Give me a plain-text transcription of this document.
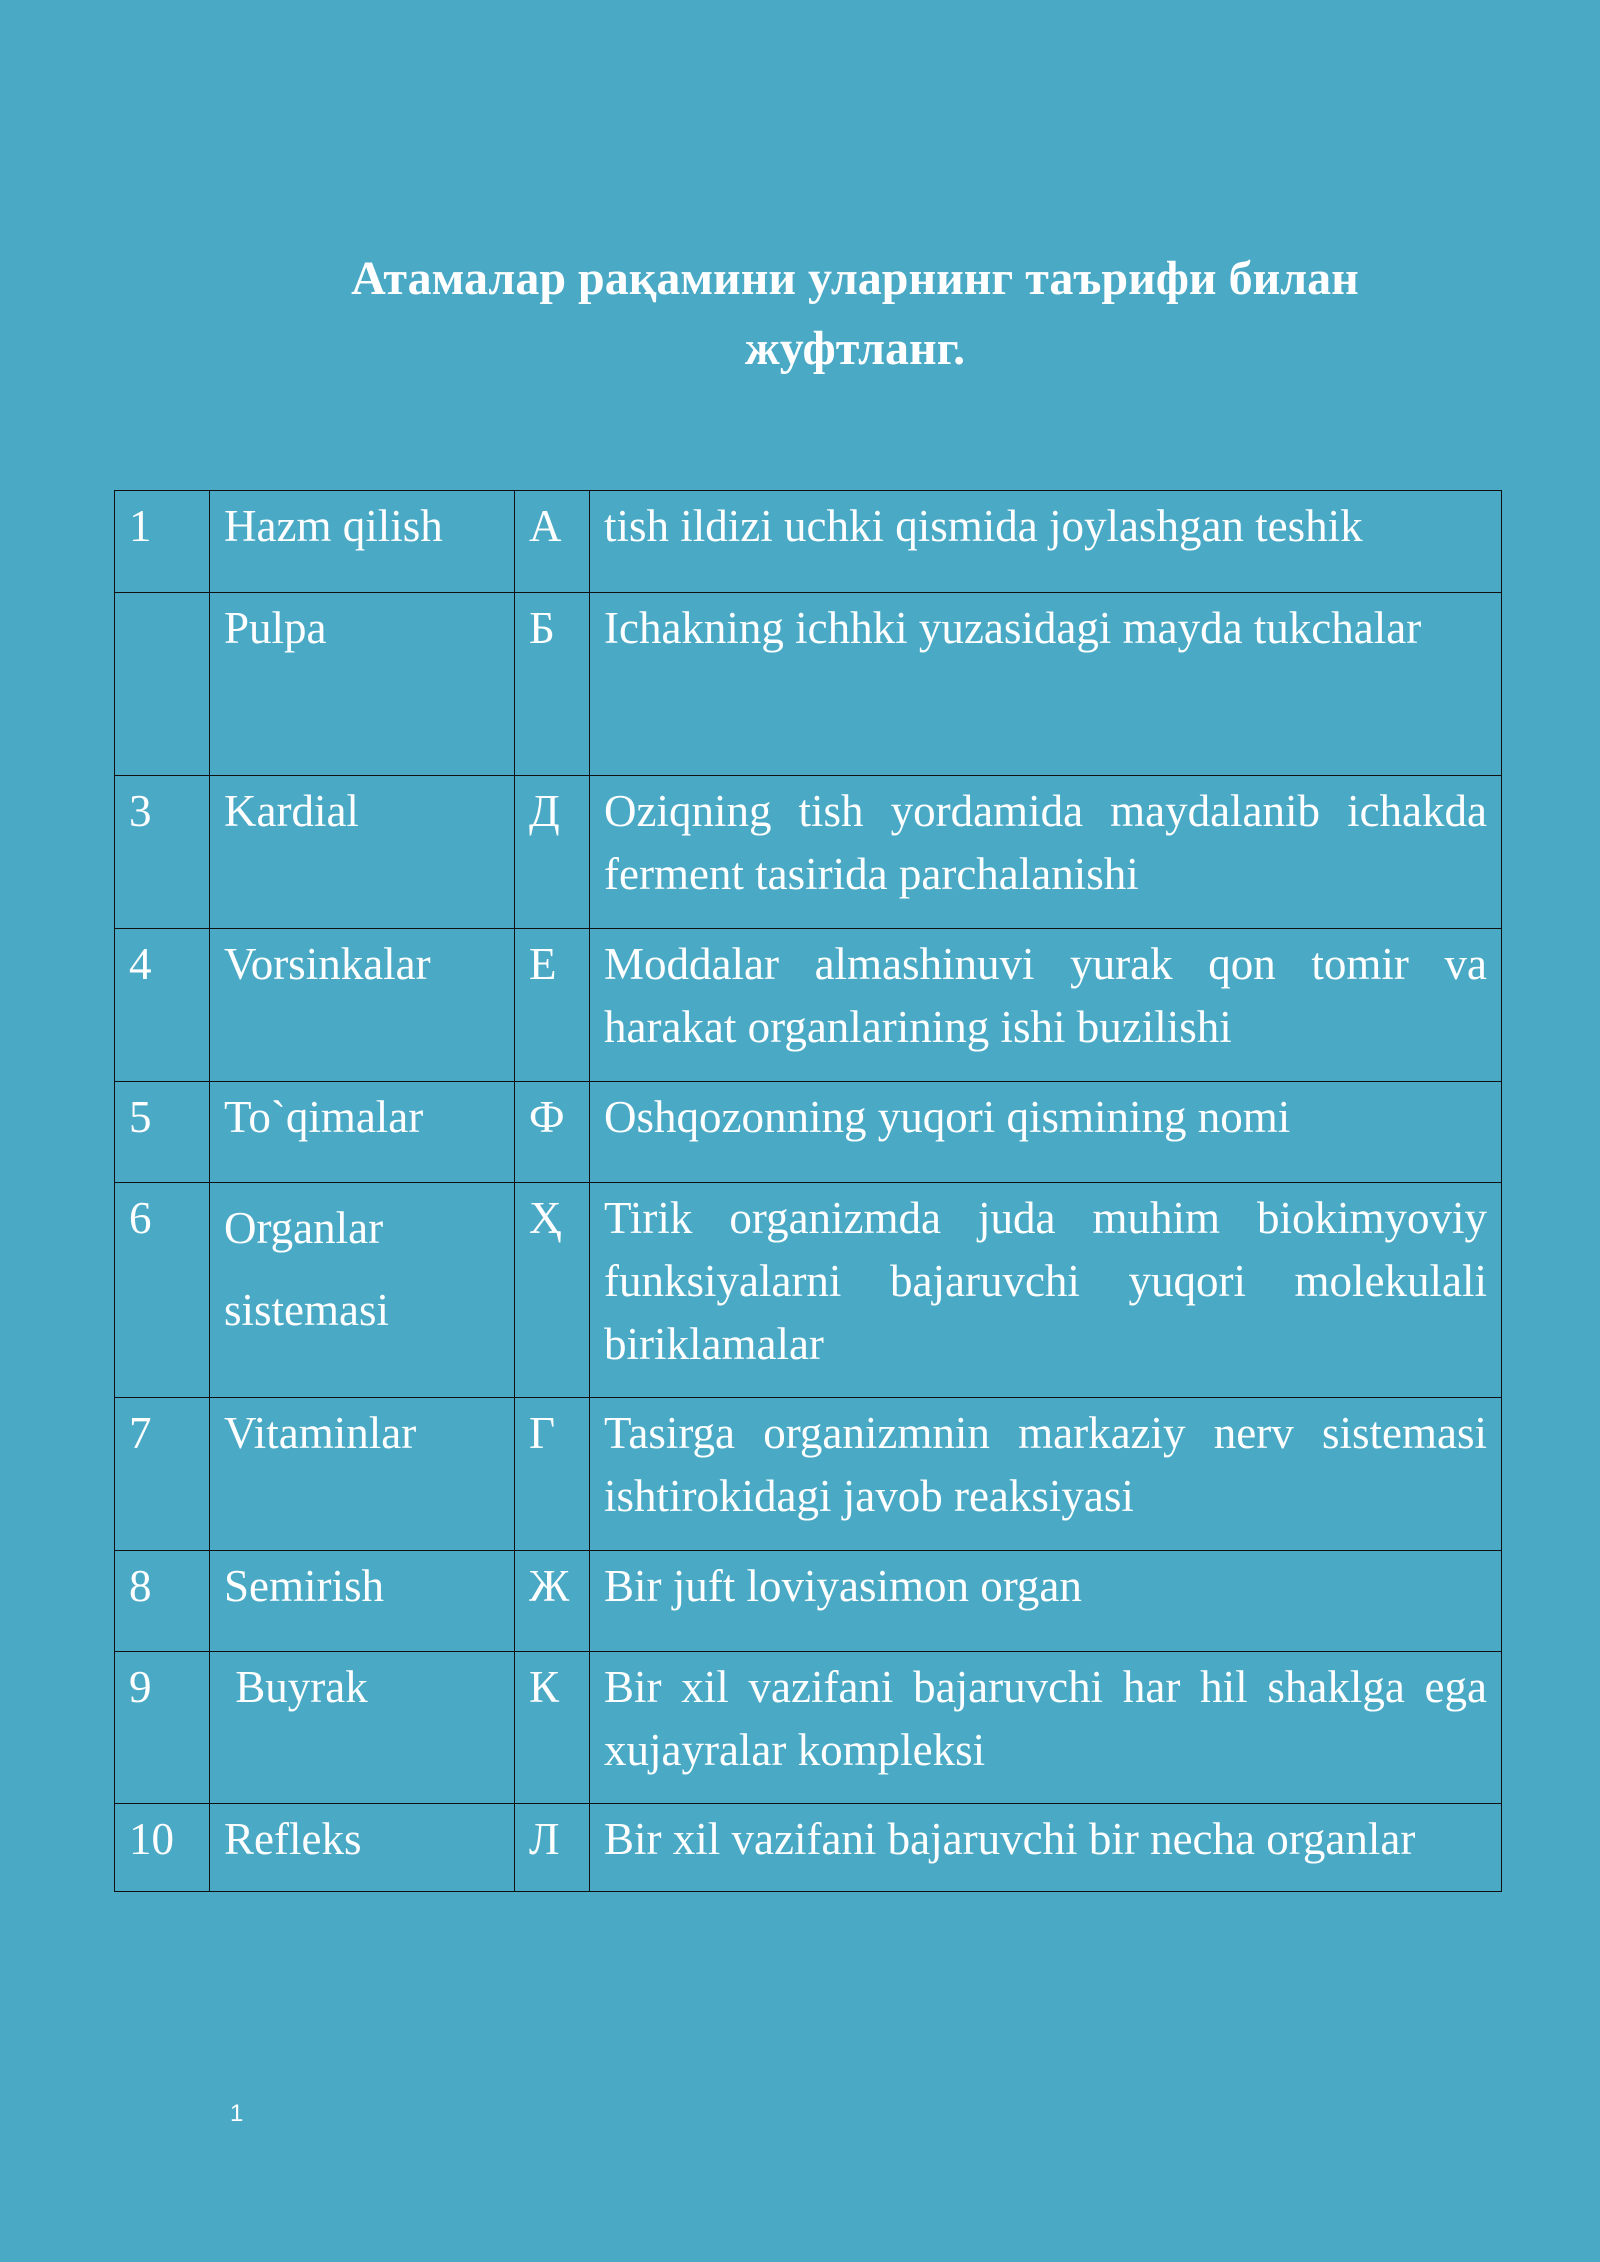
Атамалар рақамини уларнинг таърифи билан жуфтланг.
1	Hazm qilish	А	tish ildizi uchki qismida joylashgan teshik
	Pulpa	Б	Ichakning ichhki yuzasidagi mayda tukchalar
3	Kardial	Д	Oziqning tish yordamida maydalanib ichakda ferment tasirida parchalanishi
4	Vorsinkalar	Е	Moddalar almashinuvi yurak qon tomir va harakat organlarining ishi buzilishi
5	To`qimalar	Ф	Oshqozonning yuqori qismining nomi
6	Organlar sistemasi	Ҳ	Tirik organizmda juda muhim biokimyoviy funksiyalarni bajaruvchi yuqori molekulali biriklamalar
7	Vitaminlar	Г	Tasirga organizmnin markaziy nerv sistemasi ishtirokidagi javob reaksiyasi
8	Semirish	Ж	Bir juft loviyasimon organ
9	Buyrak	К	Bir xil vazifani bajaruvchi har hil shaklga ega xujayralar kompleksi
10	Refleks	Л	Bir xil vazifani bajaruvchi bir necha organlar
1
